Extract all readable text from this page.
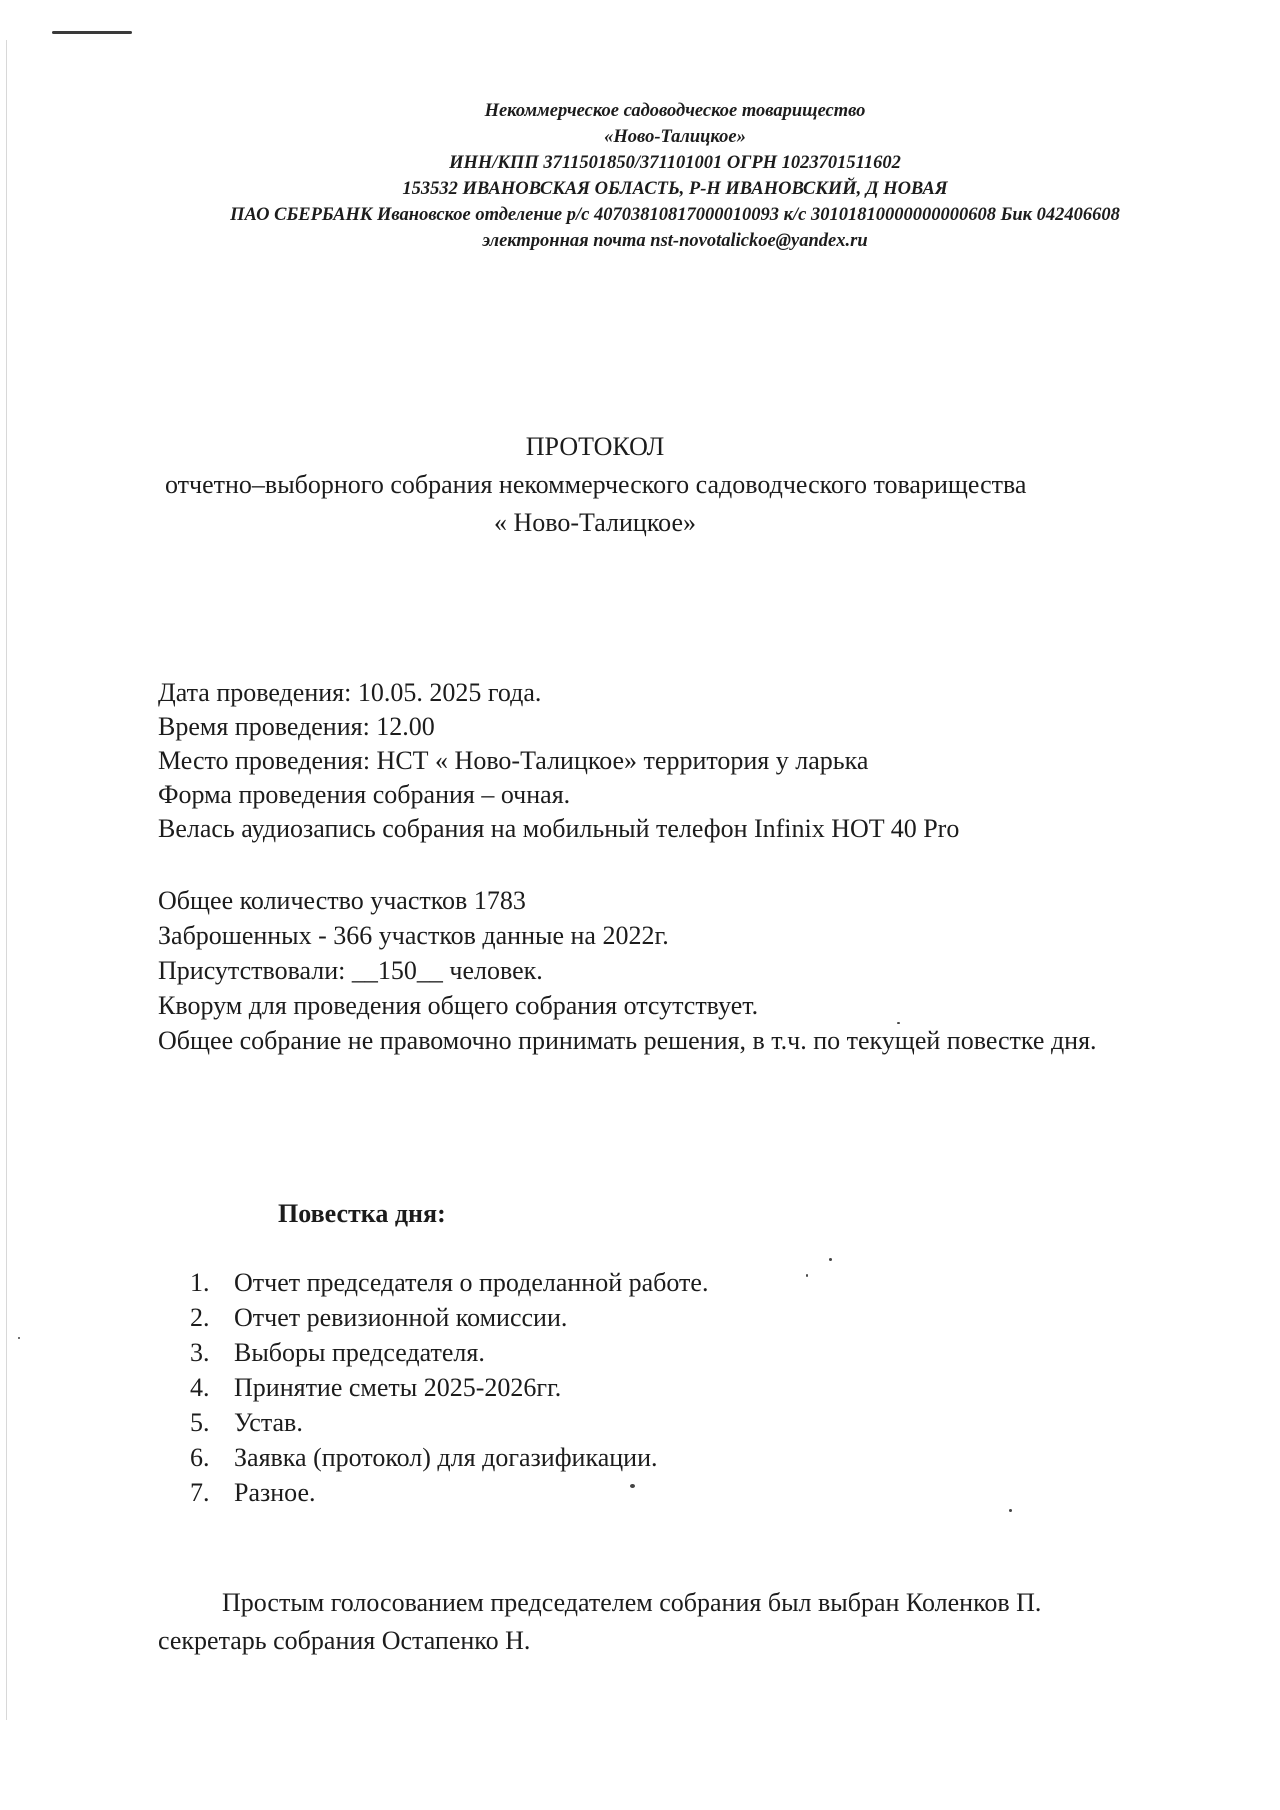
Некоммерческое садоводческое товарищество
«Ново-Талицкое»
ИНН/КПП 3711501850/371101001 ОГРН 1023701511602
153532 ИВАНОВСКАЯ ОБЛАСТЬ, Р-Н ИВАНОВСКИЙ, Д НОВАЯ
ПАО СБЕРБАНК Ивановское отделение р/с 40703810817000010093 к/с 30101810000000000608 Бик 042406608
электронная почта nst-novotalickoe@yandex.ru
ПРОТОКОЛ
отчетно–выборного собрания некоммерческого садоводческого товарищества
« Ново-Талицкое»
Дата проведения: 10.05. 2025 года.
Время проведения: 12.00
Место проведения: НСТ « Ново-Талицкое» территория у ларька
Форма проведения собрания – очная.
Велась аудиозапись собрания на мобильный телефон Infinix HOT 40 Pro
Общее количество участков 1783
Заброшенных - 366 участков данные на 2022г.
Присутствовали: __150__ человек.
Кворум для проведения общего собрания отсутствует.
Общее собрание не правомочно принимать решения, в т.ч. по текущей повестке дня.
Повестка дня:
1. Отчет председателя о проделанной работе.
2. Отчет ревизионной комиссии.
3. Выборы председателя.
4. Принятие сметы 2025-2026гг.
5. Устав.
6. Заявка (протокол) для догазификации.
7. Разное.
Простым голосованием председателем собрания был выбран Коленков П.
секретарь собрания Остапенко Н.
